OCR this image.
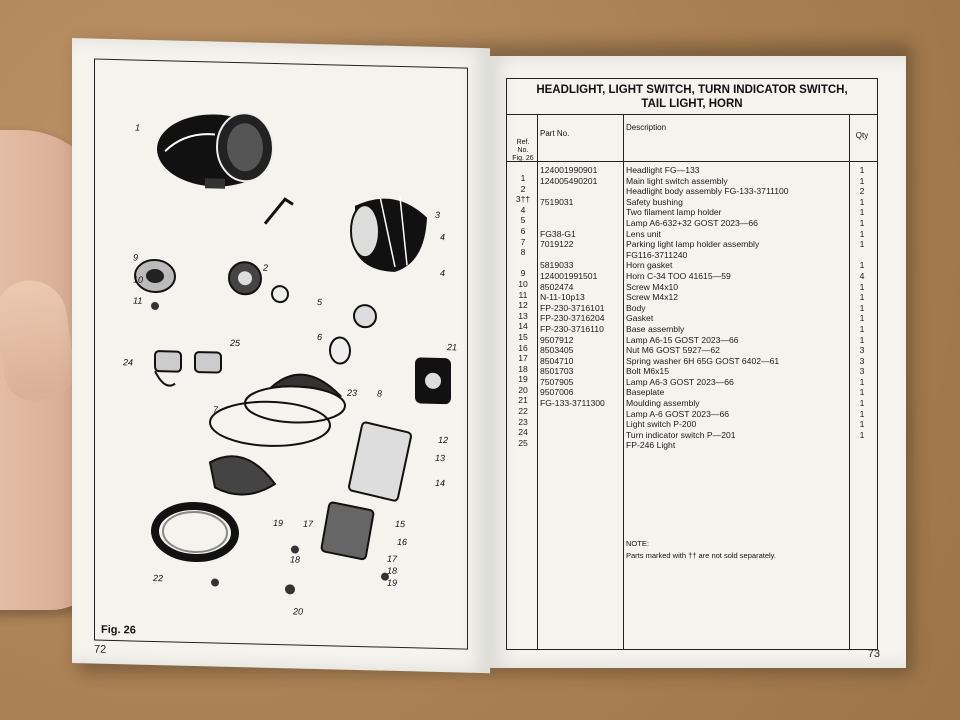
1
2
3
4
5
6
7
8
9
10
11
12
13
14
15
16
17
18
19
20
21
22
23
24
25
4
17
18
19
Fig. 26
72
HEADLIGHT, LIGHT SWITCH, TURN INDICATOR SWITCH,
TAIL LIGHT, HORN
Ref. No. Fig. 26
Part No.
Description
Qty
1
2
3††
4
5
6
7
8

9
10
11
12
13
14
15
16
17
18
19
20
21
22
23
24
25

124001990901
124005490201

7519031

FG38-G1
7019122

5819033
124001991501
8502474
N-11-10p13
FP-230-3716101
FP-230-3716204
FP-230-3716110
9507912
8503405
8504710
8501703
7507905
9507006
FG-133-3711300

Headlight FG—133
Main light switch assembly
Headlight body assembly FG-133-3711100
Safety bushing
Two filament lamp holder
Lamp A6-632+32 GOST 2023—66
Lens unit
Parking light lamp holder assembly
FG116-3711240
Horn gasket
Horn C-34 TOO 41615—59
Screw M4x10
Screw M4x12
Body
Gasket
Base assembly
Lamp A6-15 GOST 2023—66
Nut M6 GOST 5927—62
Spring washer 6H 65G GOST 6402—61
Bolt M6x15
Lamp A6-3 GOST 2023—66
Baseplate
Moulding assembly
Lamp A-6 GOST 2023—66
Light switch P-200
Turn indicator switch P—201
FP-246 Light
1
1
2
1
1
1
1
1

1
4
1
1
1
1
1
1
3
3
3
1
1
1
1
1
1

NOTE:
Parts marked with †† are not sold separately.
73
